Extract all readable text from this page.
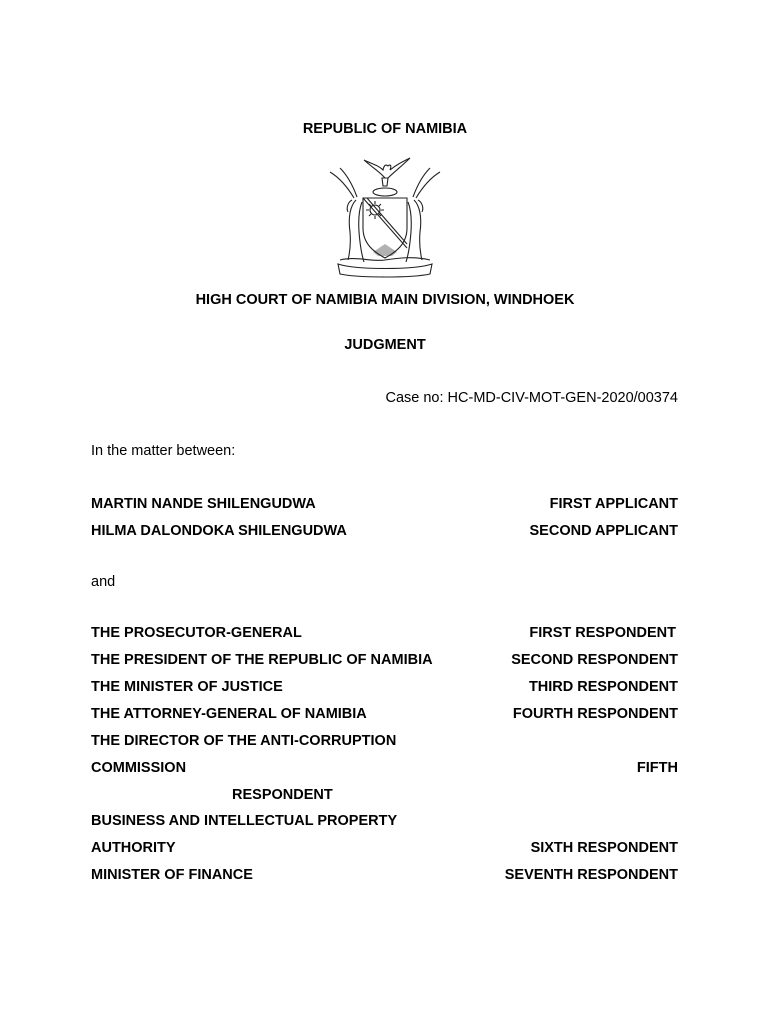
REPUBLIC OF NAMIBIA
HIGH COURT OF NAMIBIA MAIN DIVISION, WINDHOEK
JUDGMENT
Case no: HC-MD-CIV-MOT-GEN-2020/00374
In the matter between:
MARTIN NANDE SHILENGUDWA	FIRST APPLICANT
HILMA DALONDOKA SHILENGUDWA	SECOND APPLICANT
and
THE PROSECUTOR-GENERAL	FIRST RESPONDENT
THE PRESIDENT OF THE REPUBLIC OF NAMIBIA	SECOND RESPONDENT
THE MINISTER OF JUSTICE	THIRD RESPONDENT
THE ATTORNEY-GENERAL OF NAMIBIA	FOURTH RESPONDENT
THE DIRECTOR OF THE ANTI-CORRUPTION
COMMISSION	FIFTH
RESPONDENT
BUSINESS AND INTELLECTUAL PROPERTY
AUTHORITY	SIXTH RESPONDENT
MINISTER OF FINANCE	SEVENTH RESPONDENT
